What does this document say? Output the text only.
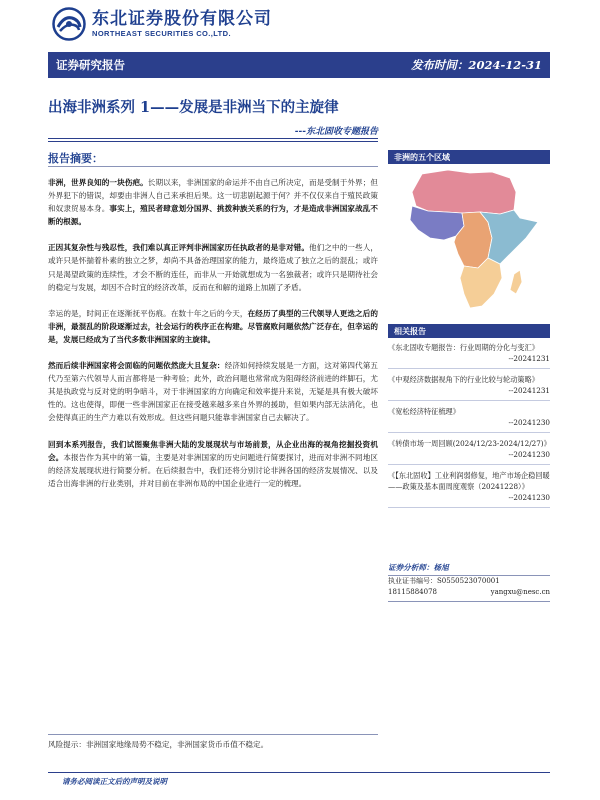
东北证券股份有限公司
NORTHEAST SECURITIES CO.,LTD.
证券研究报告	发布时间：2024-12-31
出海非洲系列 1——发展是非洲当下的主旋律
---东北固收专题报告
报告摘要：

非洲，世界良知的一块伤疤。长期以来，非洲国家的命运并不由自己所决定，而是受制于外界；但外界犯下的错误，却要由非洲人自己来承担后果。这一切悲剧起源于何？并不仅仅来自于殖民政策和奴隶贸易本身。事实上，殖民者肆意划分国界、挑拨种族关系的行为，才是造成非洲国家战乱不断的根源。

正因其复杂性与残忍性，我们难以真正评判非洲国家历任执政者的是非对错。他们之中的一些人，或许只是怀揣着朴素的独立之梦，却尚不具备治理国家的能力，最终造成了独立之后的混乱；或许只是渴望政策的连续性，才会不断的连任，而非从一开始就想成为一名独裁者；或许只是期待社会的稳定与发展，却因不合时宜的经济改革，反而在和解的道路上加剧了矛盾。

幸运的是，时间正在逐渐抚平伤痕。在数十年之后的今天，在经历了典型的三代领导人更迭之后的非洲，最混乱的阶段逐渐过去，社会运行的秩序正在构建。尽管腐败问题依然广泛存在，但幸运的是，发展已经成为了当代多数非洲国家的主旋律。

然而后续非洲国家将会面临的问题依然庞大且复杂：经济如何持续发展是一方面，这对第四代第五代乃至第六代领导人而言都将是一种考验；此外，政治问题也常常成为阻碍经济前进的绊脚石，尤其是执政党与反对党的明争暗斗，对于非洲国家的方向确定和效率提升来说，无疑是具有极大破坏性的。这也使得，即便一些非洲国家正在接受越来越多来自外界的援助，但如果内部无法消化，也会使得真正的生产力难以有效形成。但这些问题只能靠非洲国家自己去解决了。

回到本系列报告，我们试图聚焦非洲大陆的发展现状与市场前景，从企业出海的视角挖掘投资机会。本报告作为其中的第一篇，主要是对非洲国家的历史问题进行简要探讨，进而对非洲不同地区的经济发展现状进行简要分析。在后续报告中，我们还将分别讨论非洲各国的经济发展情况、以及适合出海非洲的行业类别，并对目前在非洲布局的中国企业进行一定的梳理。

风险提示：非洲国家地缘局势不稳定，非洲国家货币币值不稳定。
请务必阅读正文后的声明及说明
非洲的五个区域
相关报告
《东北固收专题报告：行业周期的分化与变汇》
--20241231
《中观经济数据视角下的行业比较与轮动策略》
--20241231
《宽松经济特征梳理》
--20241230
《转债市场一周回顾(2024/12/23-2024/12/27)》
--20241230
《【东北固收】工业利润弱修复，地产市场企稳回暖——政策及基本面周度观察（20241228）》
--20241230
证券分析师：杨旭
执业证书编号：S0550523070001
18115884078	yangxu@nesc.cn
